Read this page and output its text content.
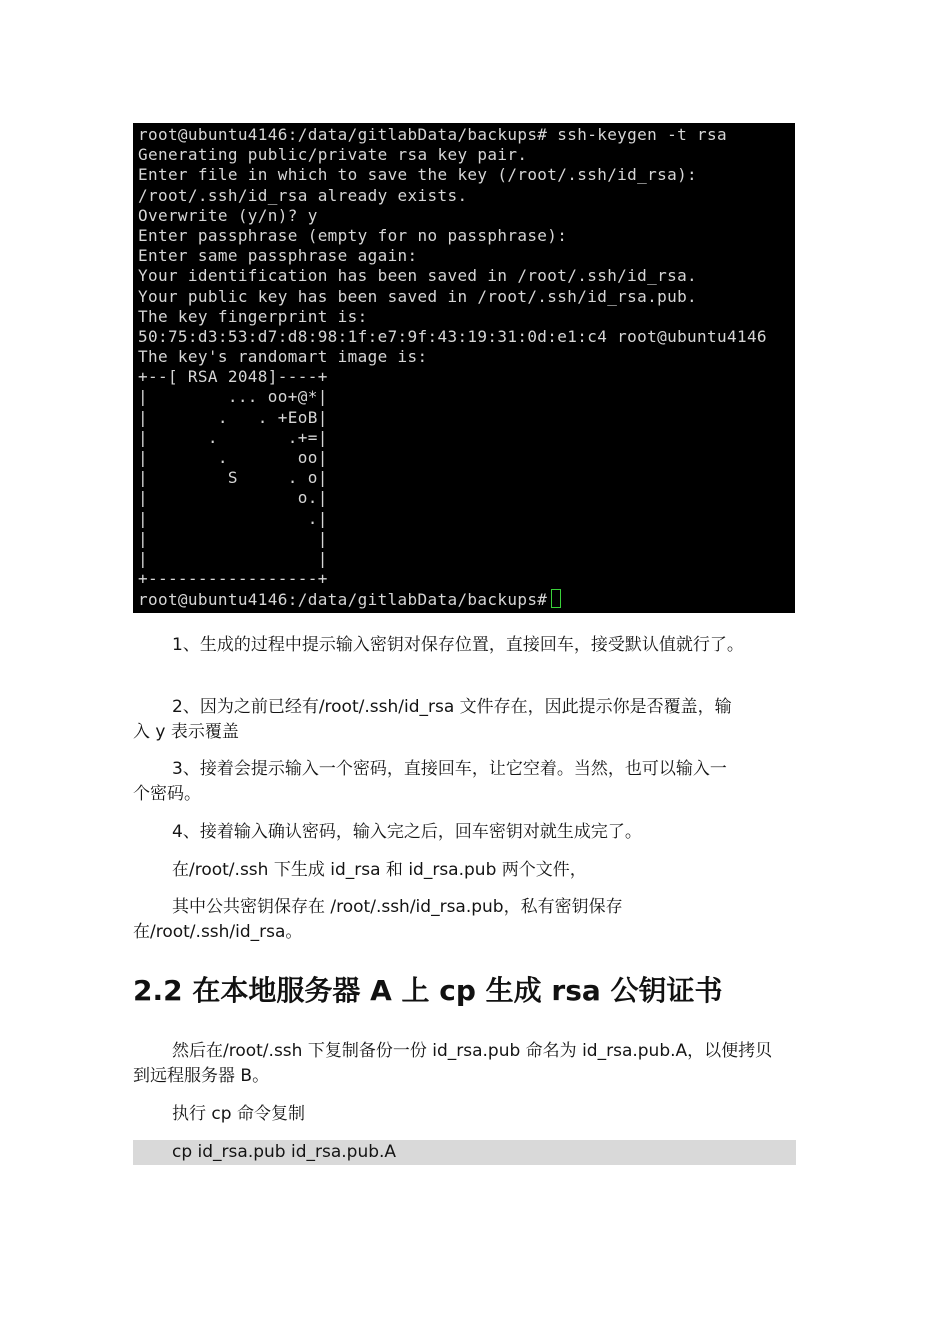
root@ubuntu4146:/data/gitlabData/backups# ssh-keygen -t rsa
Generating public/private rsa key pair.
Enter file in which to save the key (/root/.ssh/id_rsa):
/root/.ssh/id_rsa already exists.
Overwrite (y/n)? y
Enter passphrase (empty for no passphrase):
Enter same passphrase again:
Your identification has been saved in /root/.ssh/id_rsa.
Your public key has been saved in /root/.ssh/id_rsa.pub.
The key fingerprint is:
50:75:d3:53:d7:d8:98:1f:e7:9f:43:19:31:0d:e1:c4 root@ubuntu4146
The key's randomart image is:
+--[ RSA 2048]----+
|        ... oo+@*|
|       .   . +EoB|
|      .       .+=|
|       .       oo|
|        S     . o|
|               o.|
|                .|
|                 |
|                 |
+-----------------+
root@ubuntu4146:/data/gitlabData/backups#

1、生成的过程中提示输入密钥对保存位置，直接回车，接受默认值就行了。

2、因为之前已经有/root/.ssh/id_rsa 文件存在，因此提示你是否覆盖，输
入 y 表示覆盖
3、接着会提示输入一个密码，直接回车，让它空着。当然，也可以输入一
个密码。

4、接着输入确认密码，输入完之后，回车密钥对就生成完了。

在/root/.ssh 下生成 id_rsa 和 id_rsa.pub 两个文件，

其中公共密钥保存在 /root/.ssh/id_rsa.pub，私有密钥保存
在/root/.ssh/id_rsa。
2.2 在本地服务器 A 上 cp 生成 rsa 公钥证书
然后在/root/.ssh 下复制备份一份 id_rsa.pub 命名为 id_rsa.pub.A，以便拷贝
到远程服务器 B。

执行 cp 命令复制

cp id_rsa.pub id_rsa.pub.A
